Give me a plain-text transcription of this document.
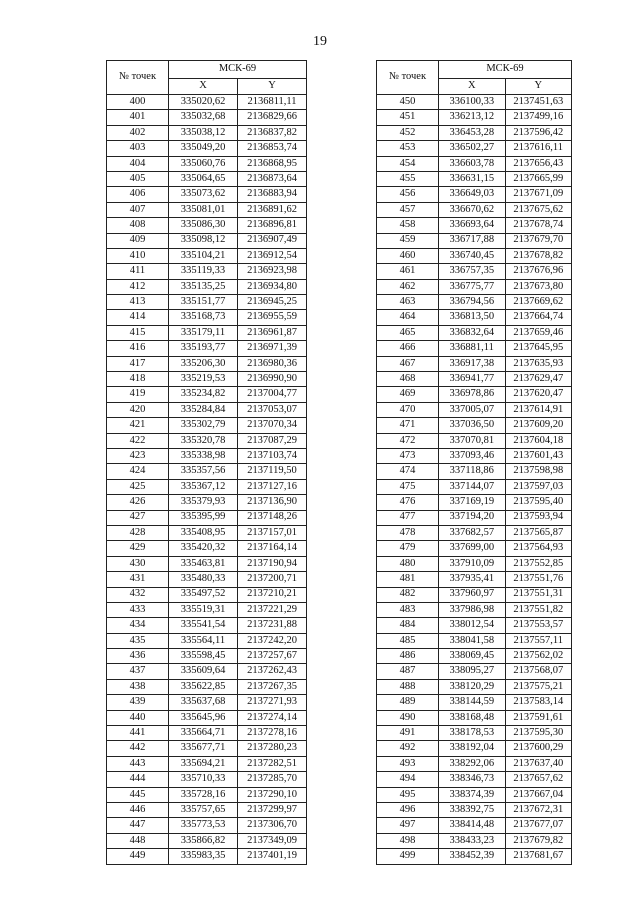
19
№ точек	МСК-69	
	X	Y
400	335020,62	2136811,11
401	335032,68	2136829,66
402	335038,12	2136837,82
403	335049,20	2136853,74
404	335060,76	2136868,95
405	335064,65	2136873,64
406	335073,62	2136883,94
407	335081,01	2136891,62
408	335086,30	2136896,81
409	335098,12	2136907,49
410	335104,21	2136912,54
411	335119,33	2136923,98
412	335135,25	2136934,80
413	335151,77	2136945,25
414	335168,73	2136955,59
415	335179,11	2136961,87
416	335193,77	2136971,39
417	335206,30	2136980,36
418	335219,53	2136990,90
419	335234,82	2137004,77
420	335284,84	2137053,07
421	335302,79	2137070,34
422	335320,78	2137087,29
423	335338,98	2137103,74
424	335357,56	2137119,50
425	335367,12	2137127,16
426	335379,93	2137136,90
427	335395,99	2137148,26
428	335408,95	2137157,01
429	335420,32	2137164,14
430	335463,81	2137190,94
431	335480,33	2137200,71
432	335497,52	2137210,21
433	335519,31	2137221,29
434	335541,54	2137231,88
435	335564,11	2137242,20
436	335598,45	2137257,67
437	335609,64	2137262,43
438	335622,85	2137267,35
439	335637,68	2137271,93
440	335645,96	2137274,14
441	335664,71	2137278,16
442	335677,71	2137280,23
443	335694,21	2137282,51
444	335710,33	2137285,70
445	335728,16	2137290,10
446	335757,65	2137299,97
447	335773,53	2137306,70
448	335866,82	2137349,09
449	335983,35	2137401,19
№ точек	МСК-69	
	X	Y
450	336100,33	2137451,63
451	336213,12	2137499,16
452	336453,28	2137596,42
453	336502,27	2137616,11
454	336603,78	2137656,43
455	336631,15	2137665,99
456	336649,03	2137671,09
457	336670,62	2137675,62
458	336693,64	2137678,74
459	336717,88	2137679,70
460	336740,45	2137678,82
461	336757,35	2137676,96
462	336775,77	2137673,80
463	336794,56	2137669,62
464	336813,50	2137664,74
465	336832,64	2137659,46
466	336881,11	2137645,95
467	336917,38	2137635,93
468	336941,77	2137629,47
469	336978,86	2137620,47
470	337005,07	2137614,91
471	337036,50	2137609,20
472	337070,81	2137604,18
473	337093,46	2137601,43
474	337118,86	2137598,98
475	337144,07	2137597,03
476	337169,19	2137595,40
477	337194,20	2137593,94
478	337682,57	2137565,87
479	337699,00	2137564,93
480	337910,09	2137552,85
481	337935,41	2137551,76
482	337960,97	2137551,31
483	337986,98	2137551,82
484	338012,54	2137553,57
485	338041,58	2137557,11
486	338069,45	2137562,02
487	338095,27	2137568,07
488	338120,29	2137575,21
489	338144,59	2137583,14
490	338168,48	2137591,61
491	338178,53	2137595,30
492	338192,04	2137600,29
493	338292,06	2137637,40
494	338346,73	2137657,62
495	338374,39	2137667,04
496	338392,75	2137672,31
497	338414,48	2137677,07
498	338433,23	2137679,82
499	338452,39	2137681,67
